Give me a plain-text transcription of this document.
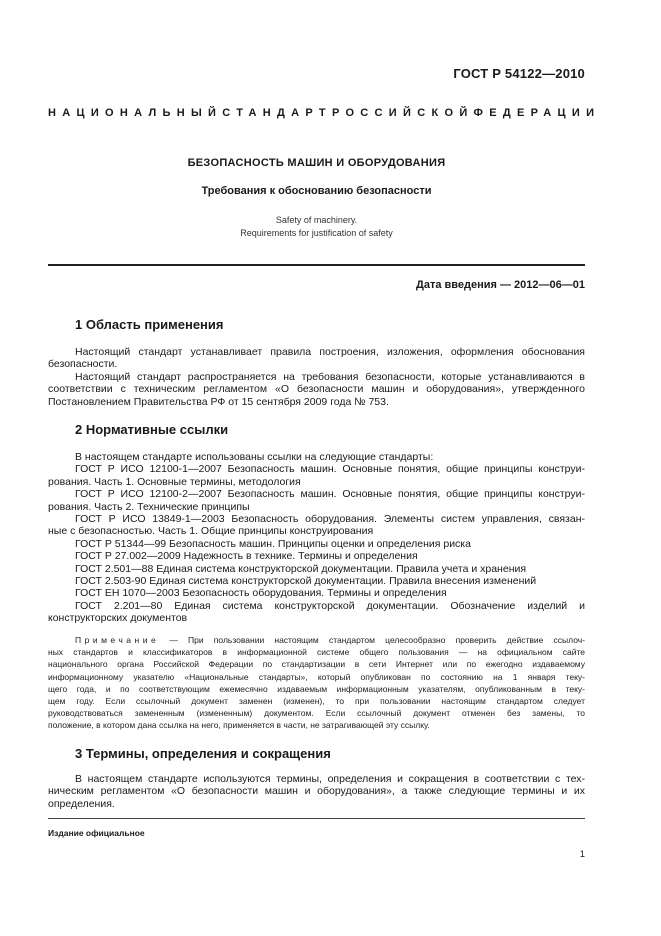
ГОСТ Р 54122—2010
НАЦИОНАЛЬНЫЙ СТАНДАРТ РОССИЙСКОЙ ФЕДЕРАЦИИ
БЕЗОПАСНОСТЬ МАШИН И ОБОРУДОВАНИЯ
Требования к обоснованию безопасности
Safety of machinery.
Requirements for justification of safety
Дата введения — 2012—06—01
1 Область применения
Настоящий стандарт устанавливает правила построения, изложения, оформления обоснования
безопасности.
Настоящий стандарт распространяется на требования безопасности, которые устанавливаются в
соответствии с техническим регламентом «О безопасности машин и оборудования», утвержденного
Постановлением Правительства РФ от 15 сентября 2009 года № 753.
2 Нормативные ссылки
В настоящем стандарте использованы ссылки на следующие стандарты:
ГОСТ Р ИСО 12100-1—2007 Безопасность машин. Основные понятия, общие принципы конструи-
рования. Часть 1. Основные термины, методология
ГОСТ Р ИСО 12100-2—2007 Безопасность машин. Основные понятия, общие принципы конструи-
рования. Часть 2. Технические принципы
ГОСТ Р ИСО 13849-1—2003 Безопасность оборудования. Элементы систем управления, связан-
ные с безопасностью. Часть 1. Общие принципы конструирования
ГОСТ Р 51344—99 Безопасность машин. Принципы оценки и определения риска
ГОСТ Р 27.002—2009 Надежность в технике. Термины и определения
ГОСТ 2.501—88 Единая система конструкторской документации. Правила учета и хранения
ГОСТ 2.503-90 Единая система конструкторской документации. Правила внесения изменений
ГОСТ ЕН 1070—2003 Безопасность оборудования. Термины и определения
ГОСТ 2.201—80 Единая система конструкторской документации. Обозначение изделий и
конструкторских документов
Примечание — При пользовании настоящим стандартом целесообразно проверить действие ссылоч-
ных стандартов и классификаторов в информационной системе общего пользования — на официальном сайте
национального органа Российской Федерации по стандартизации в сети Интернет или по ежегодно издаваемому
информационному указателю «Национальные стандарты», который опубликован по состоянию на 1 января теку-
щего года, и по соответствующим ежемесячно издаваемым информационным указателям, опубликованным в теку-
щем году. Если ссылочный документ заменен (изменен), то при пользовании настоящим стандартом следует
руководствоваться замененным (измененным) документом. Если ссылочный документ отменен без замены, то
положение, в котором дана ссылка на него, применяется в части, не затрагивающей эту ссылку.
3 Термины, определения и сокращения
В настоящем стандарте используются термины, определения и сокращения в соответствии с тех-
ническим регламентом «О безопасности машин и оборудования», а также следующие термины и их
определения.
Издание официальное
1
